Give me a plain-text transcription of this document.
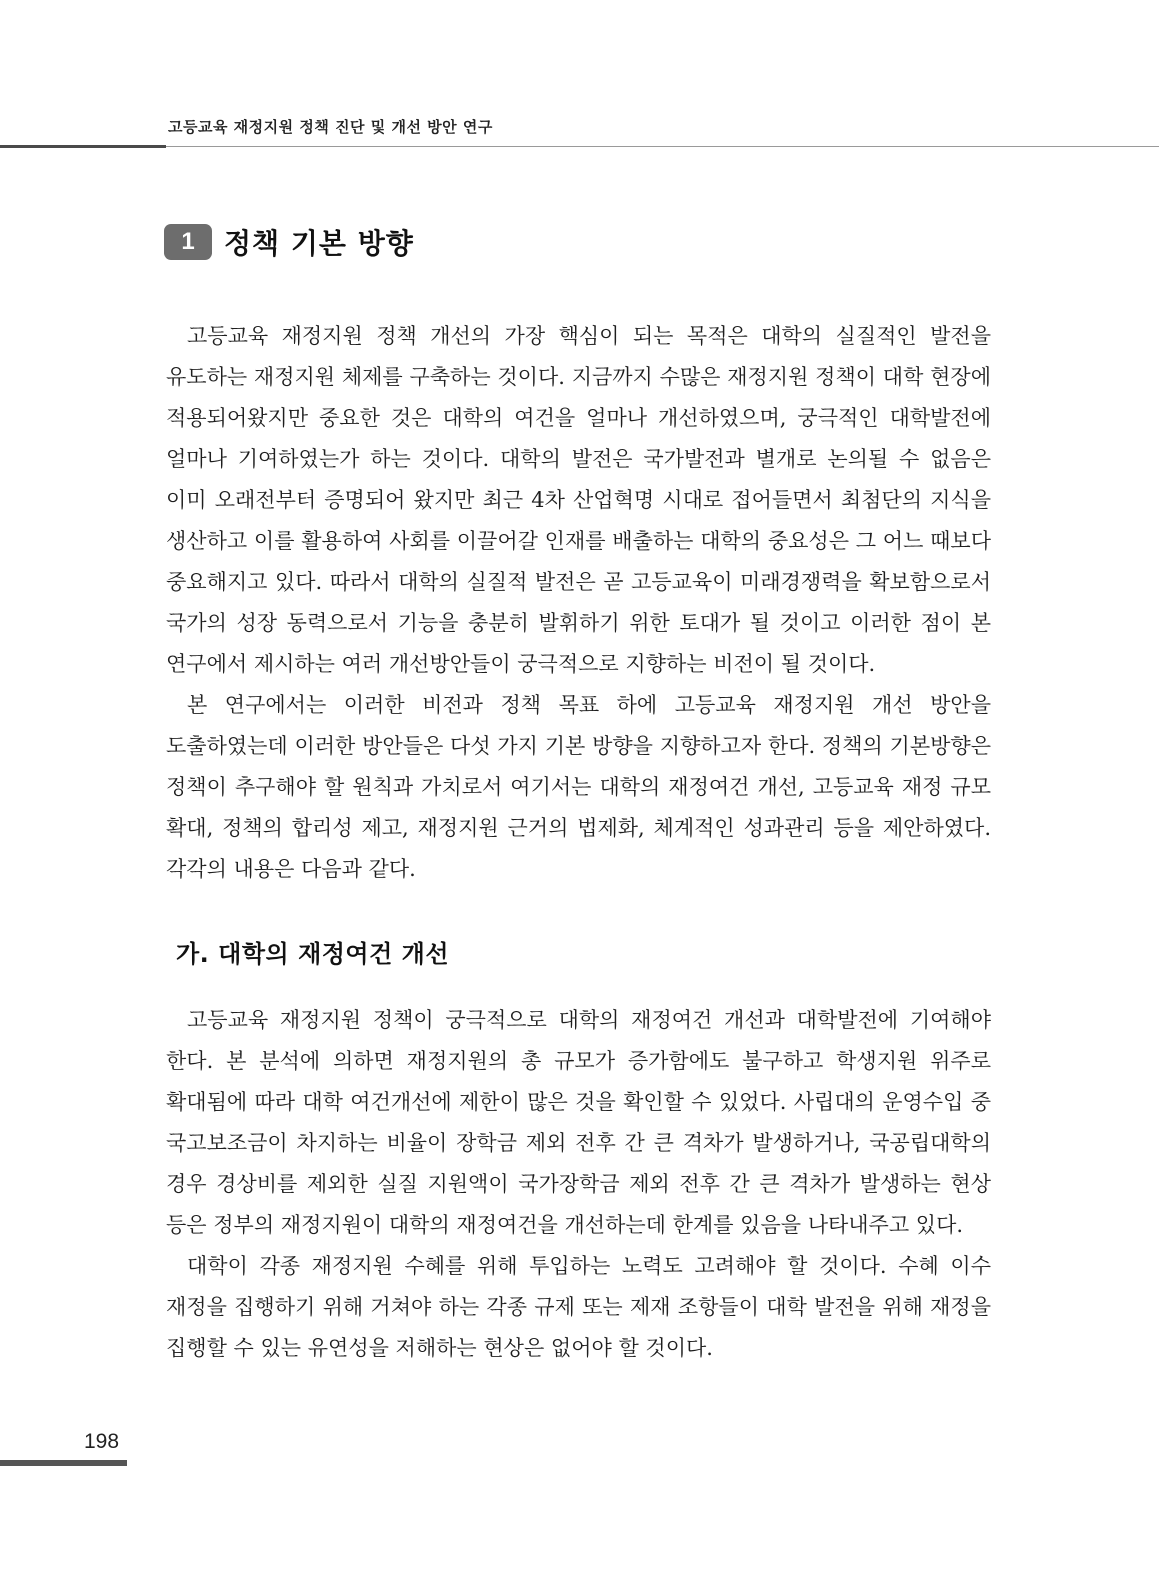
고등교육 재정지원 정책 진단 및 개선 방안 연구
1	정책 기본 방향

고등교육 재정지원 정책 개선의 가장 핵심이 되는 목적은 대학의 실질적인 발전을 유도하는 재정지원 체제를 구축하는 것이다. 지금까지 수많은 재정지원 정책이 대학 현장에 적용되어왔지만 중요한 것은 대학의 여건을 얼마나 개선하였으며, 궁극적인 대학발전에 얼마나 기여하였는가 하는 것이다. 대학의 발전은 국가발전과 별개로 논의될 수 없음은 이미 오래전부터 증명되어 왔지만 최근 4차 산업혁명 시대로 접어들면서 최첨단의 지식을 생산하고 이를 활용하여 사회를 이끌어갈 인재를 배출하는 대학의 중요성은 그 어느 때보다 중요해지고 있다. 따라서 대학의 실질적 발전은 곧 고등교육이 미래경쟁력을 확보함으로서 국가의 성장 동력으로서 기능을 충분히 발휘하기 위한 토대가 될 것이고 이러한 점이 본 연구에서 제시하는 여러 개선방안들이 궁극적으로 지향하는 비전이 될 것이다.

본 연구에서는 이러한 비전과 정책 목표 하에 고등교육 재정지원 개선 방안을 도출하였는데 이러한 방안들은 다섯 가지 기본 방향을 지향하고자 한다. 정책의 기본방향은 정책이 추구해야 할 원칙과 가치로서 여기서는 대학의 재정여건 개선, 고등교육 재정 규모 확대, 정책의 합리성 제고, 재정지원 근거의 법제화, 체계적인 성과관리 등을 제안하였다. 각각의 내용은 다음과 같다.

가. 대학의 재정여건 개선

고등교육 재정지원 정책이 궁극적으로 대학의 재정여건 개선과 대학발전에 기여해야 한다. 본 분석에 의하면 재정지원의 총 규모가 증가함에도 불구하고 학생지원 위주로 확대됨에 따라 대학 여건개선에 제한이 많은 것을 확인할 수 있었다. 사립대의 운영수입 중 국고보조금이 차지하는 비율이 장학금 제외 전후 간 큰 격차가 발생하거나, 국공립대학의 경우 경상비를 제외한 실질 지원액이 국가장학금 제외 전후 간 큰 격차가 발생하는 현상 등은 정부의 재정지원이 대학의 재정여건을 개선하는데 한계를 있음을 나타내주고 있다.

대학이 각종 재정지원 수혜를 위해 투입하는 노력도 고려해야 할 것이다. 수혜 이수 재정을 집행하기 위해 거쳐야 하는 각종 규제 또는 제재 조항들이 대학 발전을 위해 재정을 집행할 수 있는 유연성을 저해하는 현상은 없어야 할 것이다.

198
